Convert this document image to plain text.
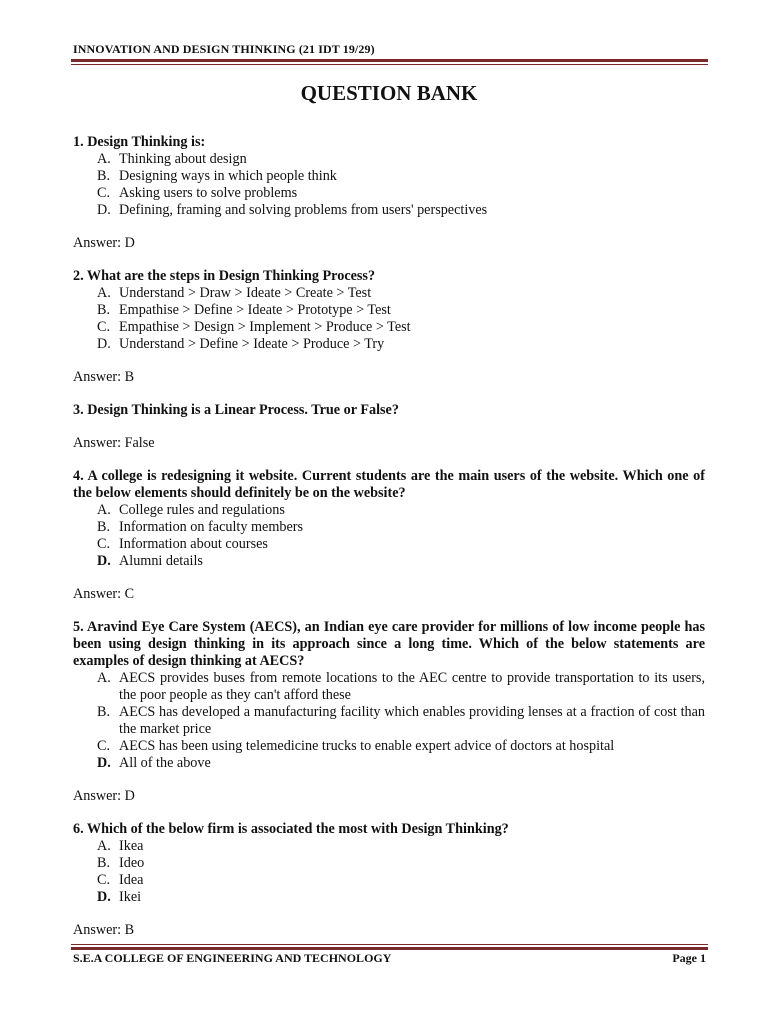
INNOVATION AND DESIGN THINKING (21 IDT 19/29)
QUESTION BANK
1. Design Thinking is:
A. Thinking about design
B. Designing ways in which people think
C. Asking users to solve problems
D. Defining, framing and solving problems from users' perspectives
Answer: D
2. What are the steps in Design Thinking Process?
A. Understand > Draw > Ideate > Create > Test
B. Empathise > Define > Ideate > Prototype > Test
C. Empathise > Design > Implement > Produce > Test
D. Understand > Define > Ideate > Produce > Try
Answer: B
3. Design Thinking is a Linear Process. True or False?
Answer: False
4. A college is redesigning it website. Current students are the main users of the website. Which one of the below elements should definitely be on the website?
A. College rules and regulations
B. Information on faculty members
C. Information about courses
D. Alumni details
Answer: C
5. Aravind Eye Care System (AECS), an Indian eye care provider for millions of low income people has been using design thinking in its approach since a long time. Which of the below statements are examples of design thinking at AECS?
A. AECS provides buses from remote locations to the AEC centre to provide transportation to its users, the poor people as they can't afford these
B. AECS has developed a manufacturing facility which enables providing lenses at a fraction of cost than the market price
C. AECS has been using telemedicine trucks to enable expert advice of doctors at hospital
D. All of the above
Answer: D
6. Which of the below firm is associated the most with Design Thinking?
A. Ikea
B. Ideo
C. Idea
D. Ikei
Answer: B
S.E.A COLLEGE OF ENGINEERING AND TECHNOLOGY	Page 1
